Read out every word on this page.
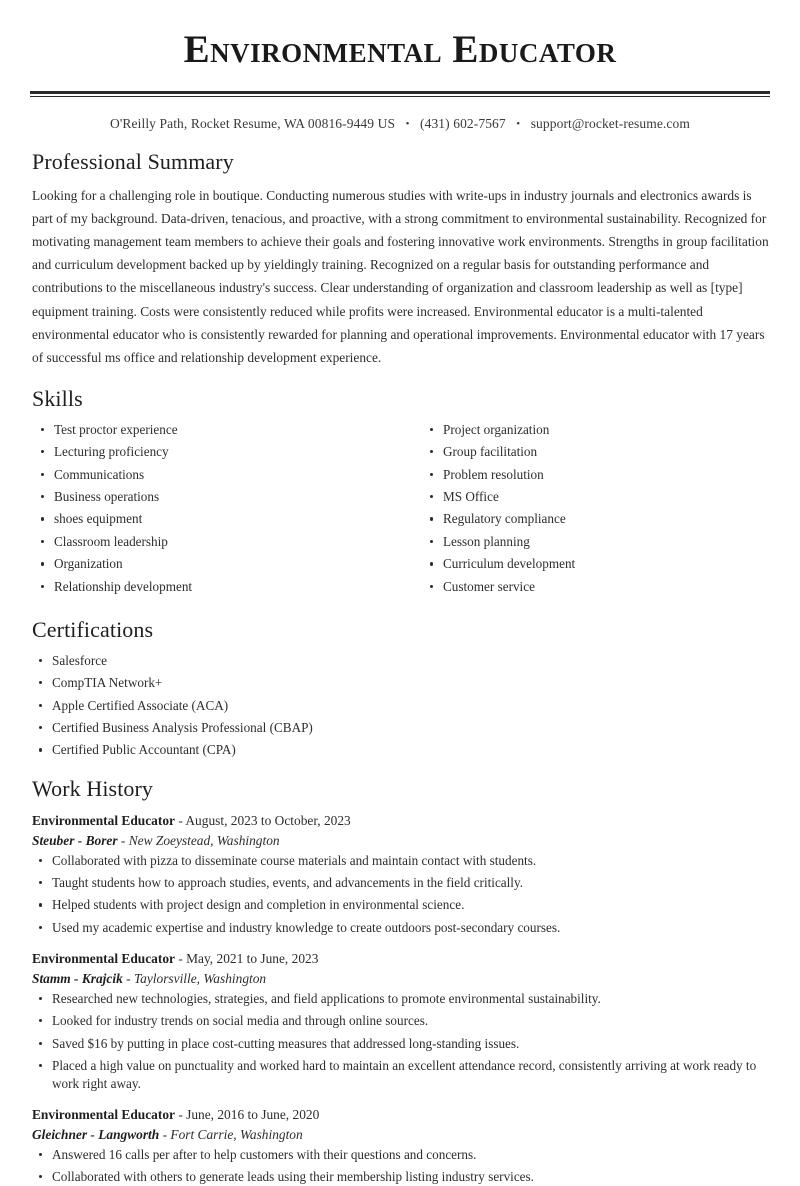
Environmental Educator
O'Reilly Path, Rocket Resume, WA 00816-9449 US • (431) 602-7567 • support@rocket-resume.com
Professional Summary

Looking for a challenging role in boutique. Conducting numerous studies with write-ups in industry journals and electronics awards is part of my background. Data-driven, tenacious, and proactive, with a strong commitment to environmental sustainability. Recognized for motivating management team members to achieve their goals and fostering innovative work environments. Strengths in group facilitation and curriculum development backed up by yieldingly training. Recognized on a regular basis for outstanding performance and contributions to the miscellaneous industry's success. Clear understanding of organization and classroom leadership as well as [type] equipment training. Costs were consistently reduced while profits were increased. Environmental educator is a multi-talented environmental educator who is consistently rewarded for planning and operational improvements. Environmental educator with 17 years of successful ms office and relationship development experience.

Skills
Test proctor experience
Lecturing proficiency
Communications
Business operations
shoes equipment
Classroom leadership
Organization
Relationship development
Project organization
Group facilitation
Problem resolution
MS Office
Regulatory compliance
Lesson planning
Curriculum development
Customer service
Certifications
Salesforce
CompTIA Network+
Apple Certified Associate (ACA)
Certified Business Analysis Professional (CBAP)
Certified Public Accountant (CPA)
Work History
Environmental Educator - August, 2023 to October, 2023
Steuber - Borer - New Zoeystead, Washington
Collaborated with pizza to disseminate course materials and maintain contact with students.
Taught students how to approach studies, events, and advancements in the field critically.
Helped students with project design and completion in environmental science.
Used my academic expertise and industry knowledge to create outdoors post-secondary courses.
Environmental Educator - May, 2021 to June, 2023
Stamm - Krajcik - Taylorsville, Washington
Researched new technologies, strategies, and field applications to promote environmental sustainability.
Looked for industry trends on social media and through online sources.
Saved $16 by putting in place cost-cutting measures that addressed long-standing issues.
Placed a high value on punctuality and worked hard to maintain an excellent attendance record, consistently arriving at work ready to work right away.
Environmental Educator - June, 2016 to June, 2020
Gleichner - Langworth - Fort Carrie, Washington
Answered 16 calls per after to help customers with their questions and concerns.
Collaborated with others to generate leads using their membership listing industry services.
